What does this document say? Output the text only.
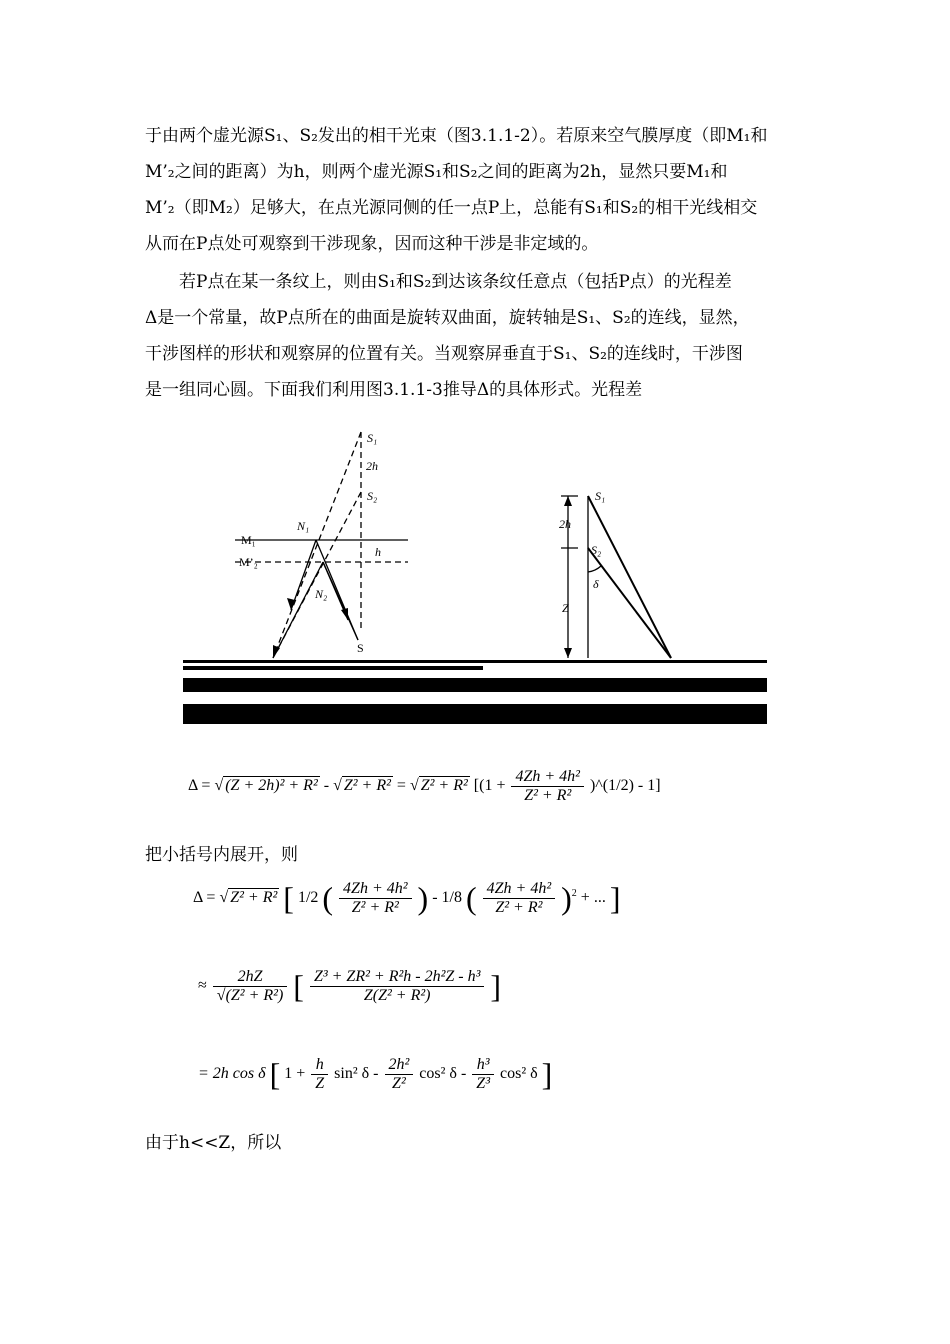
于由两个虚光源S₁、S₂发出的相干光束（图3.1.1-2）。若原来空气膜厚度（即M₁和
M’₂之间的距离）为h，则两个虚光源S₁和S₂之间的距离为2h，显然只要M₁和
M’₂（即M₂）足够大，在点光源同侧的任一点P上，总能有S₁和S₂的相干光线相交
从而在P点处可观察到干涉现象，因而这种干涉是非定域的。
若P点在某一条纹上，则由S₁和S₂到达该条纹任意点（包括P点）的光程差
Δ是一个常量，故P点所在的曲面是旋转双曲面，旋转轴是S₁、S₂的连线，显然，
干涉图样的形状和观察屏的位置有关。当观察屏垂直于S₁、S₂的连线时，干涉图
是一组同心圆。下面我们利用图3.1.1-3推导Δ的具体形式。光程差
S₁
2h
S₂
h
N₁
N₂
M₁
M’₂
S
S₁
2h
S₂
δ
Z
Δ = √ (Z + 2h)² + R² - √ Z² + R² = √ Z² + R² [($1 + \frac{\text{4Zh + 4h²}}{\text{Z² + R²}}$ )^(1/2) - 1]
把小括号内展开，则
Δ = √ Z² + R² [ 1/2 ( $\frac{\text{4Zh + 4h²}}{\text{Z² + R²}}$ ) - 1/8 ( $\frac{\text{4Zh + 4h²}}{\text{Z² + R²}} )^2$ + ... ]
≈ $\frac{2hZ}{\text{√(Z² + R²)}}$ [ $\frac{\text{Z³ + ZR² + R²h - 2h²Z - h³}}{\text{Z(Z² + R²)}}$ ]
= 2h cos δ [ $1 + \frac{h}{Z} \sin^2$ δ - $\frac{\text{2h²}}{\text{Z²}} \cos^2$ δ - $\frac{\text{h³}}{\text{Z³}} \cos^2$ δ ]
由于h<<Z，所以
